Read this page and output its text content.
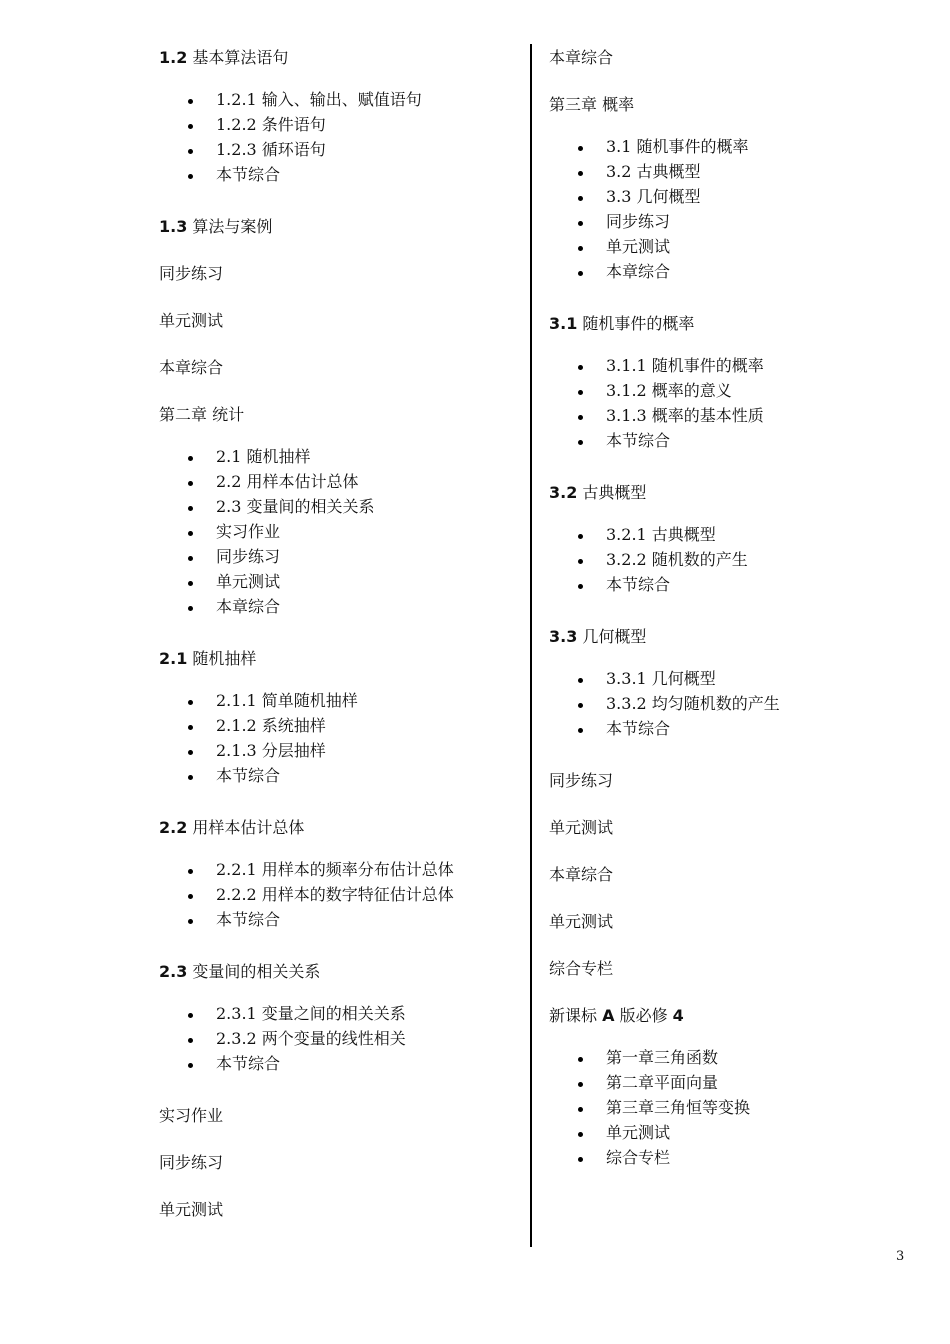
1.2 基本算法语句

1.2.1 输入、输出、赋值语句
1.2.2 条件语句
1.2.3 循环语句
本节综合

1.3 算法与案例

同步练习

单元测试

本章综合

第二章 统计

2.1 随机抽样
2.2 用样本估计总体
2.3 变量间的相关关系
实习作业
同步练习
单元测试
本章综合

2.1 随机抽样

2.1.1 简单随机抽样
2.1.2 系统抽样
2.1.3 分层抽样
本节综合

2.2 用样本估计总体

2.2.1 用样本的频率分布估计总体
2.2.2 用样本的数字特征估计总体
本节综合

2.3 变量间的相关关系

2.3.1 变量之间的相关关系
2.3.2 两个变量的线性相关
本节综合

实习作业

同步练习

单元测试

本章综合

第三章 概率

3.1 随机事件的概率
3.2 古典概型
3.3 几何概型
同步练习
单元测试
本章综合

3.1 随机事件的概率

3.1.1 随机事件的概率
3.1.2 概率的意义
3.1.3 概率的基本性质
本节综合

3.2 古典概型

3.2.1 古典概型
3.2.2 随机数的产生
本节综合

3.3 几何概型

3.3.1 几何概型
3.3.2 均匀随机数的产生
本节综合

同步练习

单元测试

本章综合

单元测试

综合专栏

新课标 A 版必修 4

第一章三角函数
第二章平面向量
第三章三角恒等变换
单元测试
综合专栏
3
